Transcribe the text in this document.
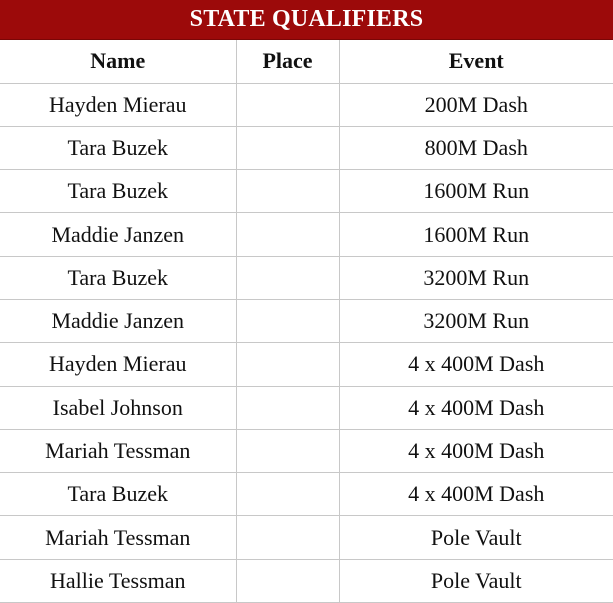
STATE QUALIFIERS
Name	Place	Event
Hayden Mierau		200M Dash
Tara Buzek		800M Dash
Tara Buzek		1600M Run
Maddie Janzen		1600M Run
Tara Buzek		3200M Run
Maddie Janzen		3200M Run
Hayden Mierau		4 x 400M Dash
Isabel Johnson		4 x 400M Dash
Mariah Tessman		4 x 400M Dash
Tara Buzek		4 x 400M Dash
Mariah Tessman		Pole Vault
Hallie Tessman		Pole Vault
